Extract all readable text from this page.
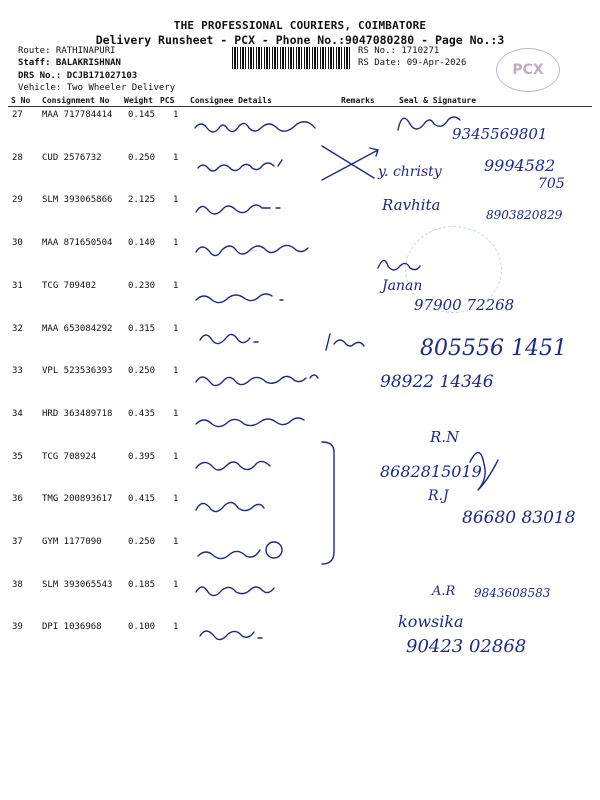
THE PROFESSIONAL COURIERS, COIMBATORE
Delivery Runsheet - PCX - Phone No.:9047080280 - Page No.:3
Route: RATHINAPURI
Staff: BALAKRISHNAN
DRS No.: DCJB171027103
Vehicle: Two Wheeler Delivery
RS No.: 1710271
RS Date: 09-Apr-2026	PCX
S No Consignment No Weight PCS Consignee Details	Remarks	Seal & Signature
27 MAA 717784414 0.145 1
28 CUD 2576732	0.250 1
29 SLM 393065866 2.125 1
30 MAA 871650504 0.140 1
31 TCG 709402	0.230 1
32 MAA 653084292 0.315 1
33 VPL 523536393 0.250 1
34 HRD 363489718 0.435 1
35 TCG 708924	0.395 1
36 TMG 200893617 0.415 1
37 GYM 1177090	0.250 1
38 SLM 393065543 0.185 1
39 DPI 1036968	0.100 1
9345569801
y. christy	9994582
705
Ravhita
8903820829
Janan
97900 72268
805556 1451
98922 14346
R.N
8682815019
R.J
86680 83018
A.R 9843608583
kowsika
90423 02868
